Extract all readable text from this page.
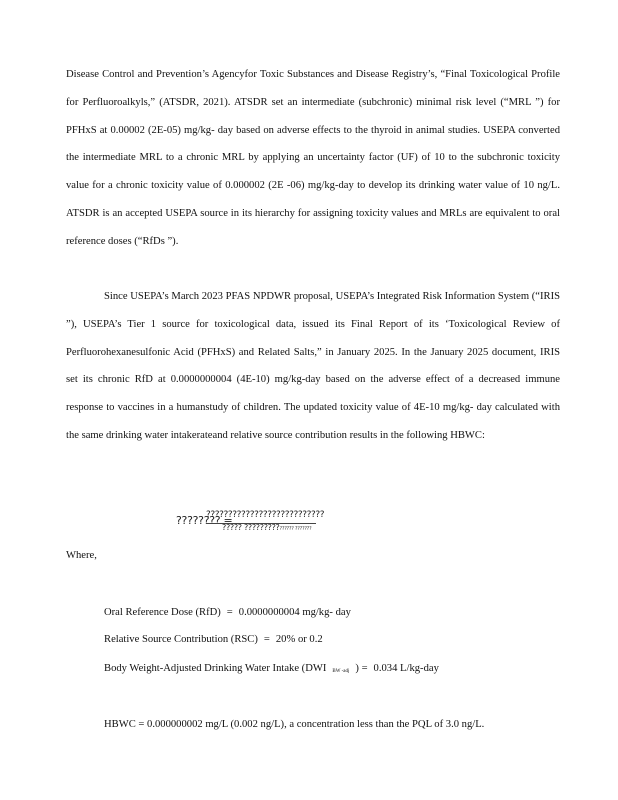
Disease Control and Prevention’s Agencyfor Toxic Substances and Disease Registry’s, “Final Toxicological Profile for Perfluoroalkyls,” (ATSDR, 2021). ATSDR set an intermediate (subchronic) minimal risk level (“MRL ”) for PFHxS at 0.00002 (2E-05) mg/kg- day based on adverse effects to the thyroid in animal studies. USEPA converted the intermediate MRL to a chronic MRL by applying an uncertainty factor (UF) of 10 to the subchronic toxicity value for a chronic toxicity value of 0.000002 (2E -06) mg/kg-day to develop its drinking water value of 10 ng/L. ATSDR is an accepted USEPA source in its hierarchy for assigning toxicity values and MRLs are equivalent to oral reference doses (“RfDs ”).

Since USEPA’s March 2023 PFAS NPDWR proposal, USEPA’s Integrated Risk Information System (“IRIS ”), USEPA’s Tier 1 source for toxicological data, issued its Final Report of its ‘Toxicological Review of Perfluorohexanesulfonic Acid (PFHxS) and Related Salts,” in January 2025. In the January 2025 document, IRIS set its chronic RfD at 0.0000000004 (4E-10) mg/kg-day based on the adverse effect of a decreased immune response to vaccines in a humanstudy of children. The updated toxicity value of 4E-10 mg/kg- day calculated with the same drinking water intakerateand relative source contribution results in the following HBWC:

???????? =
???????????????????????????
????? ??????????????? ???????

Where,

Oral Reference Dose (RfD) = 0.0000000004 mg/kg- day

Relative Source Contribution (RSC) = 20% or 0.2

Body Weight-Adjusted Drinking Water Intake (DWI $_{BW -adj}$ ) = 0.034 L/kg-day

HBWC = 0.000000002 mg/L (0.002 ng/L), a concentration less than the PQL of 3.0 ng/L.
